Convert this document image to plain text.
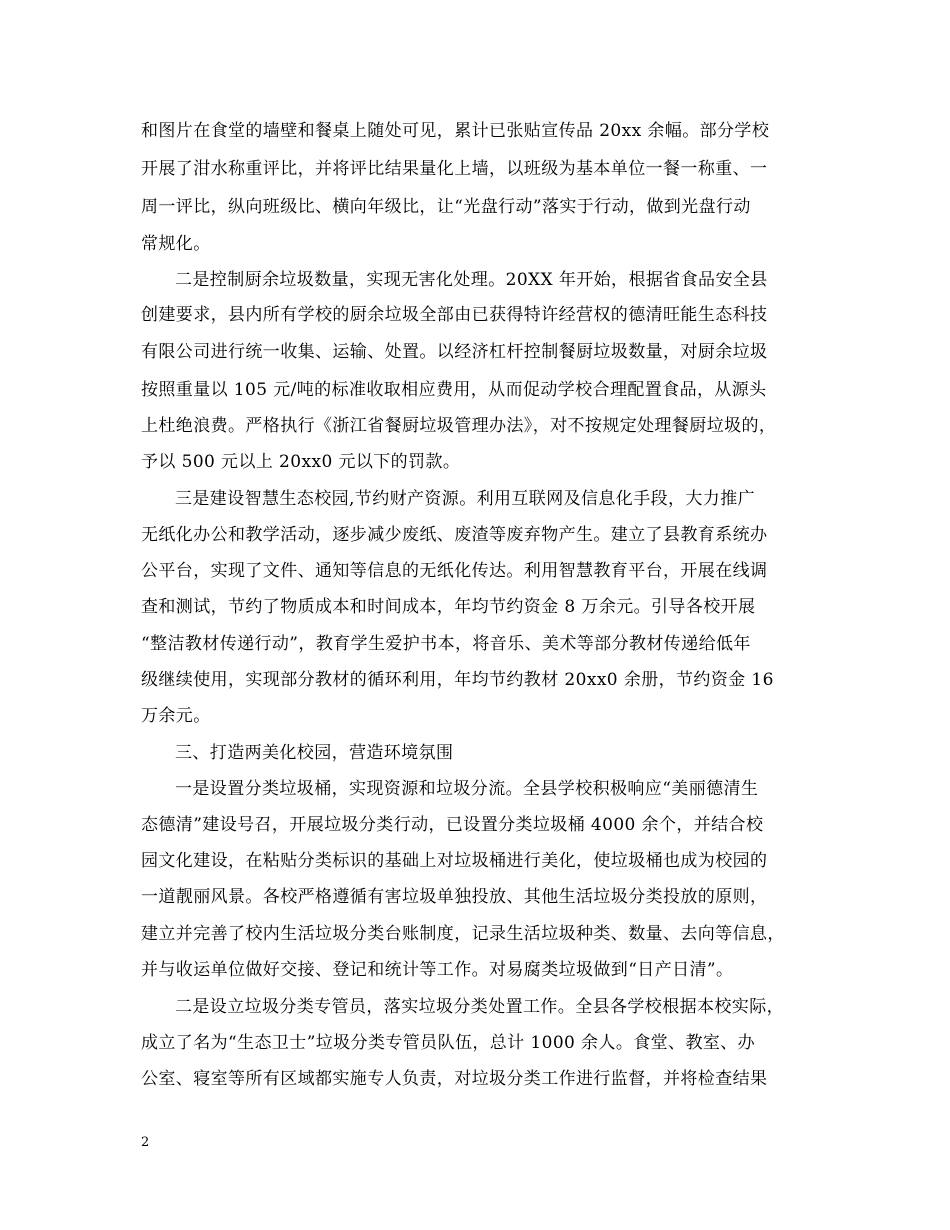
和图片在食堂的墙壁和餐桌上随处可见，累计已张贴宣传品 20xx 余幅。部分学校
开展了泔水称重评比，并将评比结果量化上墙，以班级为基本单位一餐一称重、一
周一评比，纵向班级比、横向年级比，让“光盘行动”落实于行动，做到光盘行动
常规化。
二是控制厨余垃圾数量，实现无害化处理。20XX 年开始，根据省食品安全县
创建要求，县内所有学校的厨余垃圾全部由已获得特许经营权的德清旺能生态科技
有限公司进行统一收集、运输、处置。以经济杠杆控制餐厨垃圾数量，对厨余垃圾
按照重量以 105 元/吨的标准收取相应费用，从而促动学校合理配置食品，从源头
上杜绝浪费。严格执行《浙江省餐厨垃圾管理办法》，对不按规定处理餐厨垃圾的，
予以 500 元以上 20xx0 元以下的罚款。
三是建设智慧生态校园,节约财产资源。利用互联网及信息化手段，大力推广
无纸化办公和教学活动，逐步减少废纸、废渣等废弃物产生。建立了县教育系统办
公平台，实现了文件、通知等信息的无纸化传达。利用智慧教育平台，开展在线调
查和测试，节约了物质成本和时间成本，年均节约资金 8 万余元。引导各校开展
“整洁教材传递行动”，教育学生爱护书本，将音乐、美术等部分教材传递给低年
级继续使用，实现部分教材的循环利用，年均节约教材 20xx0 余册，节约资金 16
万余元。
三、打造两美化校园，营造环境氛围
一是设置分类垃圾桶，实现资源和垃圾分流。全县学校积极响应“美丽德清生
态德清”建设号召，开展垃圾分类行动，已设置分类垃圾桶 4000 余个，并结合校
园文化建设，在粘贴分类标识的基础上对垃圾桶进行美化，使垃圾桶也成为校园的
一道靓丽风景。各校严格遵循有害垃圾单独投放、其他生活垃圾分类投放的原则，
建立并完善了校内生活垃圾分类台账制度，记录生活垃圾种类、数量、去向等信息，
并与收运单位做好交接、登记和统计等工作。对易腐类垃圾做到“日产日清”。
二是设立垃圾分类专管员，落实垃圾分类处置工作。全县各学校根据本校实际，
成立了名为“生态卫士”垃圾分类专管员队伍，总计 1000 余人。食堂、教室、办
公室、寝室等所有区域都实施专人负责，对垃圾分类工作进行监督，并将检查结果
2
